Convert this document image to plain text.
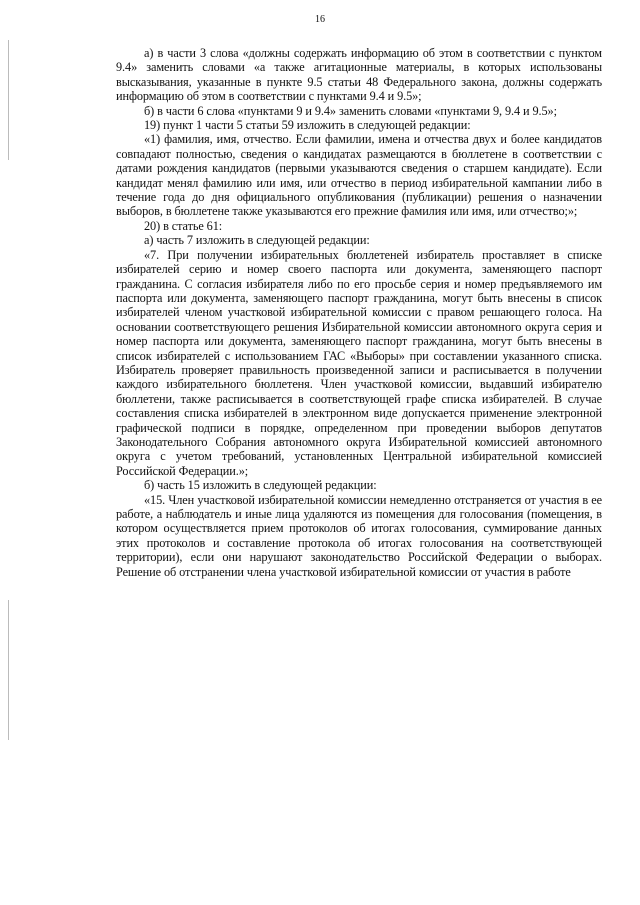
16

а) в части 3 слова «должны содержать информацию об этом в соответствии с пунктом 9.4» заменить словами «а также агитационные материалы, в которых использованы высказывания, указанные в пункте 9.5 статьи 48 Федерального закона, должны содержать информацию об этом в соответствии с пунктами 9.4 и 9.5»;

б) в части 6 слова «пунктами 9 и 9.4» заменить словами «пунктами 9, 9.4 и 9.5»;

19) пункт 1 части 5 статьи 59 изложить в следующей редакции:

«1) фамилия, имя, отчество. Если фамилии, имена и отчества двух и более кандидатов совпадают полностью, сведения о кандидатах размещаются в бюллетене в соответствии с датами рождения кандидатов (первыми указываются сведения о старшем кандидате). Если кандидат менял фамилию или имя, или отчество в период избирательной кампании либо в течение года до дня официального опубликования (публикации) решения о назначении выборов, в бюллетене также указываются его прежние фамилия или имя, или отчество;»;

20) в статье 61:

а) часть 7 изложить в следующей редакции:

«7. При получении избирательных бюллетеней избиратель проставляет в списке избирателей серию и номер своего паспорта или документа, заменяющего паспорт гражданина. С согласия избирателя либо по его просьбе серия и номер предъявляемого им паспорта или документа, заменяющего паспорт гражданина, могут быть внесены в список избирателей членом участковой избирательной комиссии с правом решающего голоса. На основании соответствующего решения Избирательной комиссии автономного округа серия и номер паспорта или документа, заменяющего паспорт гражданина, могут быть внесены в список избирателей с использованием ГАС «Выборы» при составлении указанного списка. Избиратель проверяет правильность произведенной записи и расписывается в получении каждого избирательного бюллетеня. Член участковой комиссии, выдавший избирателю бюллетени, также расписывается в соответствующей графе списка избирателей. В случае составления списка избирателей в электронном виде допускается применение электронной графической подписи в порядке, определенном при проведении выборов депутатов Законодательного Собрания автономного округа Избирательной комиссией автономного округа с учетом требований, установленных Центральной избирательной комиссией Российской Федерации.»;

б) часть 15 изложить в следующей редакции:

«15. Член участковой избирательной комиссии немедленно отстраняется от участия в ее работе, а наблюдатель и иные лица удаляются из помещения для голосования (помещения, в котором осуществляется прием протоколов об итогах голосования, суммирование данных этих протоколов и составление протокола об итогах голосования на соответствующей территории), если они нарушают законодательство Российской Федерации о выборах. Решение об отстранении члена участковой избирательной комиссии от участия в работе
